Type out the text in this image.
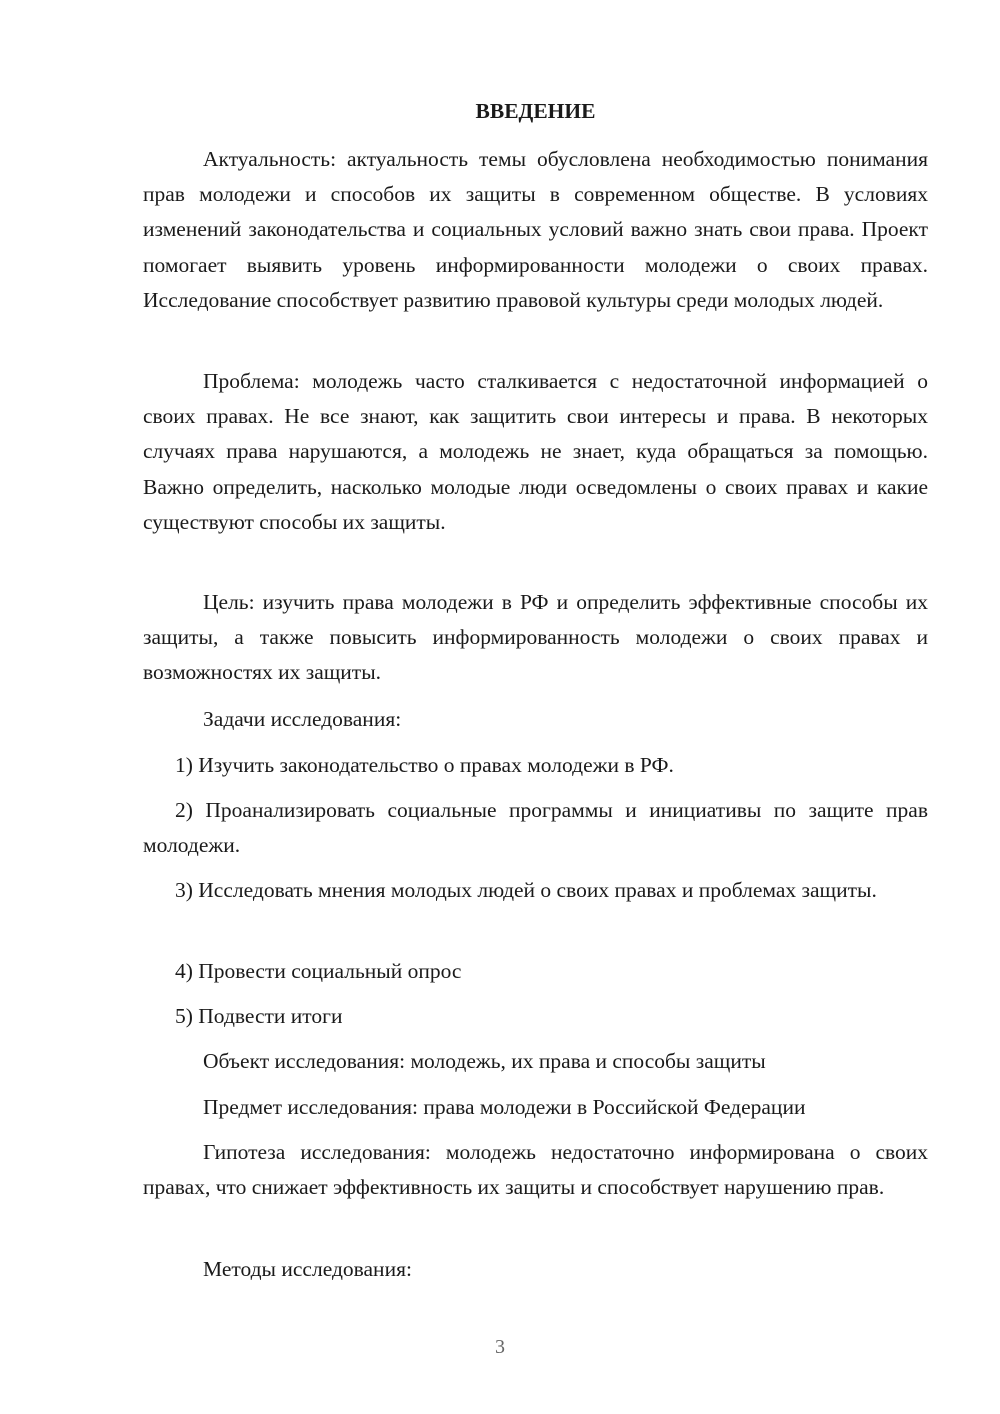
ВВЕДЕНИЕ

Актуальность: актуальность темы обусловлена необходимостью понимания прав молодежи и способов их защиты в современном обществе. В условиях изменений законодательства и социальных условий важно знать свои права. Проект помогает выявить уровень информированности молодежи о своих правах. Исследование способствует развитию правовой культуры среди молодых людей.

Проблема: молодежь часто сталкивается с недостаточной информацией о своих правах. Не все знают, как защитить свои интересы и права. В некоторых случаях права нарушаются, а молодежь не знает, куда обращаться за помощью. Важно определить, насколько молодые люди осведомлены о своих правах и какие существуют способы их защиты.

Цель: изучить права молодежи в РФ и определить эффективные способы их защиты, а также повысить информированность молодежи о своих правах и возможностях их защиты.

Задачи исследования:

1) Изучить законодательство о правах молодежи в РФ.

2) Проанализировать социальные программы и инициативы по защите прав молодежи.

3) Исследовать мнения молодых людей о своих правах и проблемах защиты.

4) Провести социальный опрос

5) Подвести итоги

Объект исследования: молодежь, их права и способы защиты
Предмет исследования: права молодежи в Российской Федерации

Гипотеза исследования: молодежь недостаточно информирована о своих правах, что снижает эффективность их защиты и способствует нарушению прав.

Методы исследования:
3
